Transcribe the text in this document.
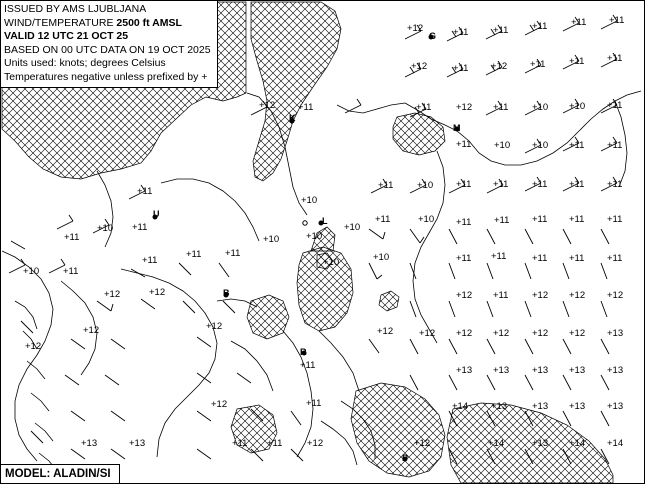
+12	+11	+11 +11 +11 +11
+12	+11 +12 +11 +11 +11
+12 +11	+11	+12 +11 +10 +10 +11
+11 +10 +10 +11 +11
+11
+10
+11 +10 +11 +11 +11 +11 +11
+10 +11
+10
+10
+11	+10 +11 +11 +11 +11 +11
+11	+10
+11
+11 +11
+10	+10	+11 +11	+11 +11 +11
+10	+11
+12	+12	+12 +11 +12 +12 +12
+12	+12	+12	+12 +12 +12 +12 +12 +13
+11	+13 +13 +13 +13 +13
+12	+11	+14 +13	+13 +13 +13
+13	+13	+11 +11	+12	+12	+14	+13 +14 +14
+12
G
K
M
U
L
B
R
P
ISSUED BY AMS LJUBLJANA
WIND/TEMPERATURE 2500 ft AMSL
VALID 12 UTC 21 OCT 25
BASED ON 00 UTC DATA ON 19 OCT 2025
Units used: knots; degrees Celsius
Temperatures negative unless prefixed by +
MODEL: ALADIN/SI
